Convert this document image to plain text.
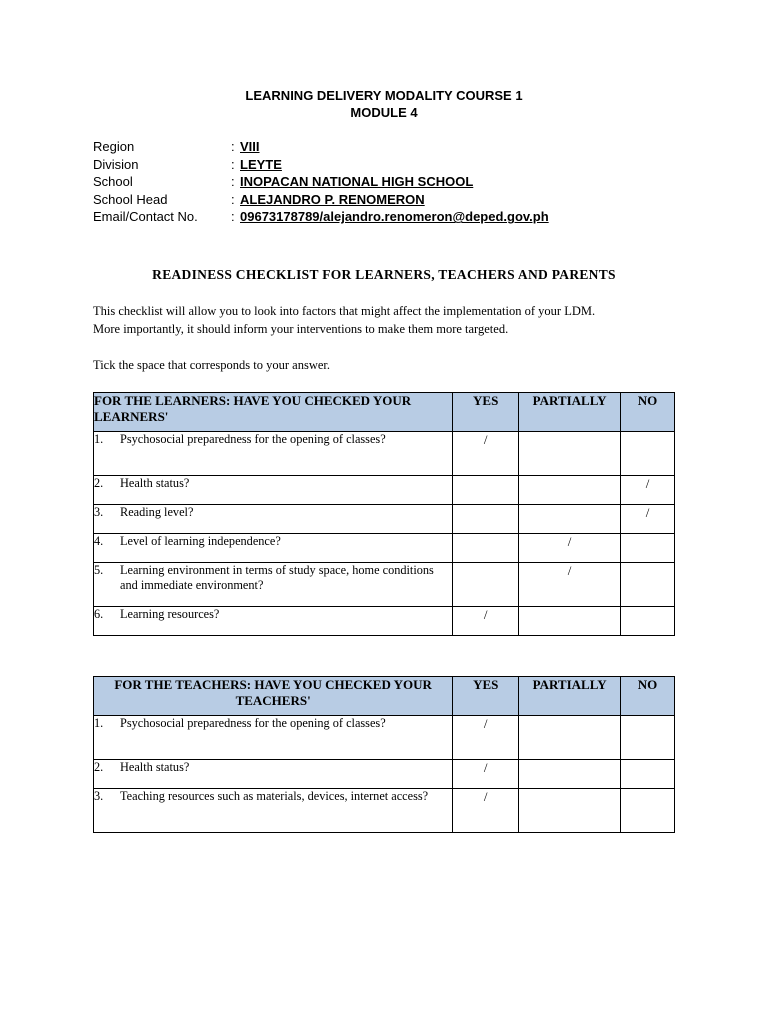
LEARNING DELIVERY MODALITY COURSE 1
MODULE 4
Region	: VIII
Division	: LEYTE
School	: INOPACAN NATIONAL HIGH SCHOOL
School Head	: ALEJANDRO P. RENOMERON
Email/Contact No.	: 09673178789/alejandro.renomeron@deped.gov.ph
READINESS CHECKLIST FOR LEARNERS, TEACHERS AND PARENTS
This checklist will allow you to look into factors that might affect the implementation of your LDM.
More importantly, it should inform your interventions to make them more targeted.
Tick the space that corresponds to your answer.
FOR THE LEARNERS: HAVE YOU CHECKED YOUR LEARNERS'	YES	PARTIALLY	NO

1. Psychosocial preparedness for the opening of classes?	/		

2. Health status?			/

3. Reading level?			/

4. Level of learning independence?		/	

5. Learning environment in terms of study space, home conditions and immediate environment?		/	

6. Learning resources?	/		
FOR THE TEACHERS: HAVE YOU CHECKED YOUR TEACHERS'	YES	PARTIALLY	NO

1. Psychosocial preparedness for the opening of classes?	/		

2. Health status?	/		

3. Teaching resources such as materials, devices, internet access?	/		
